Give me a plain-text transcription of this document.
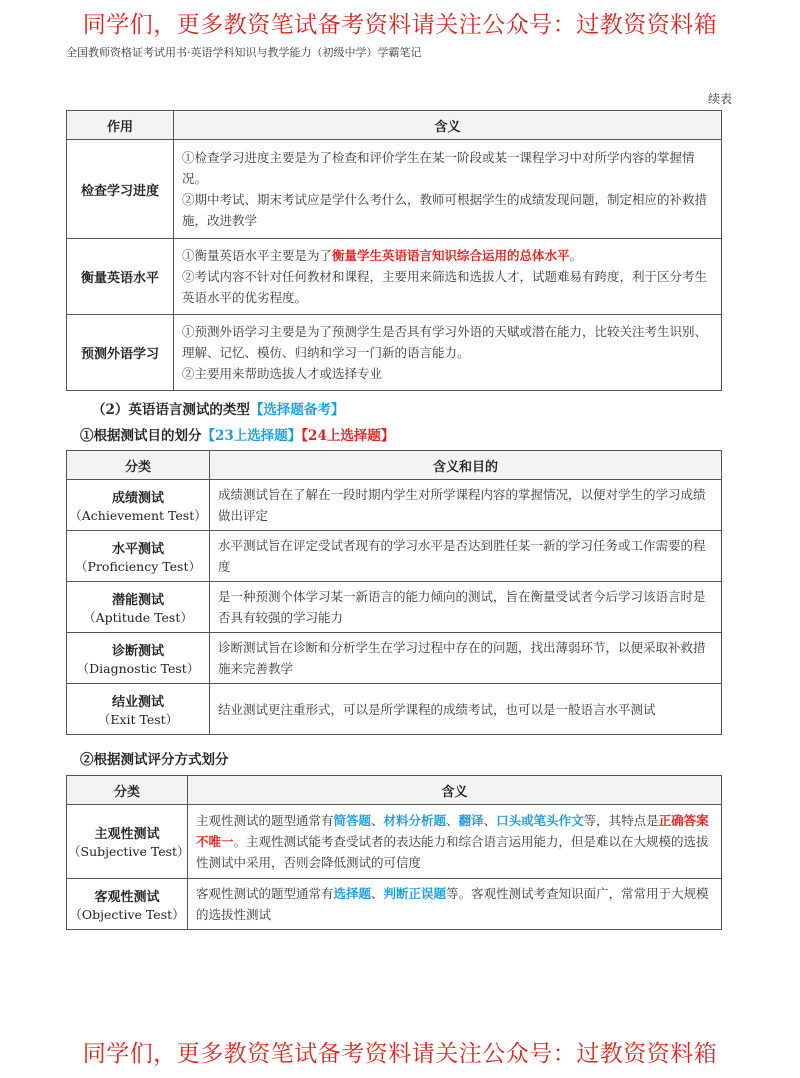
同学们，更多教资笔试备考资料请关注公众号：过教资资料箱
全国教师资格证考试用书·英语学科知识与教学能力（初级中学）学霸笔记
续表
作用	含义
检查学习进度	①检查学习进度主要是为了检查和评价学生在某一阶段或某一课程学习中对所学内容的掌握情况。
②期中考试、期末考试应是学什么考什么，教师可根据学生的成绩发现问题，制定相应的补救措施，改进教学

衡量英语水平	①衡量英语水平主要是为了衡量学生英语语言知识综合运用的总体水平。
②考试内容不针对任何教材和课程，主要用来筛选和选拔人才，试题难易有跨度，利于区分考生英语水平的优劣程度。

预测外语学习	①预测外语学习主要是为了预测学生是否具有学习外语的天赋或潜在能力，比较关注考生识别、理解、记忆、模仿、归纳和学习一门新的语言能力。
②主要用来帮助选拔人才或选择专业
（2）英语语言测试的类型【选择题备考】
①根据测试目的划分【23上选择题】【24上选择题】
分类	含义和目的

成绩测试
（Achievement Test）	成绩测试旨在了解在一段时期内学生对所学课程内容的掌握情况，以便对学生的学习成绩做出评定

水平测试
（Proficiency Test）	水平测试旨在评定受试者现有的学习水平是否达到胜任某一新的学习任务或工作需要的程度

潜能测试
（Aptitude Test）	是一种预测个体学习某一新语言的能力倾向的测试，旨在衡量受试者今后学习该语言时是否具有较强的学习能力

诊断测试
（Diagnostic Test）	诊断测试旨在诊断和分析学生在学习过程中存在的问题，找出薄弱环节，以便采取补救措施来完善教学

结业测试
（Exit Test）	结业测试更注重形式，可以是所学课程的成绩考试，也可以是一般语言水平测试
②根据测试评分方式划分
分类	含义

主观性测试
（Subjective Test）	主观性测试的题型通常有简答题、材料分析题、翻译、口头或笔头作文等，其特点是正确答案不唯一。主观性测试能考查受试者的表达能力和综合语言运用能力，但是难以在大规模的选拔性测试中采用，否则会降低测试的可信度

客观性测试
（Objective Test）	客观性测试的题型通常有选择题、判断正误题等。客观性测试考查知识面广，常常用于大规模的选拔性测试
同学们，更多教资笔试备考资料请关注公众号：过教资资料箱
